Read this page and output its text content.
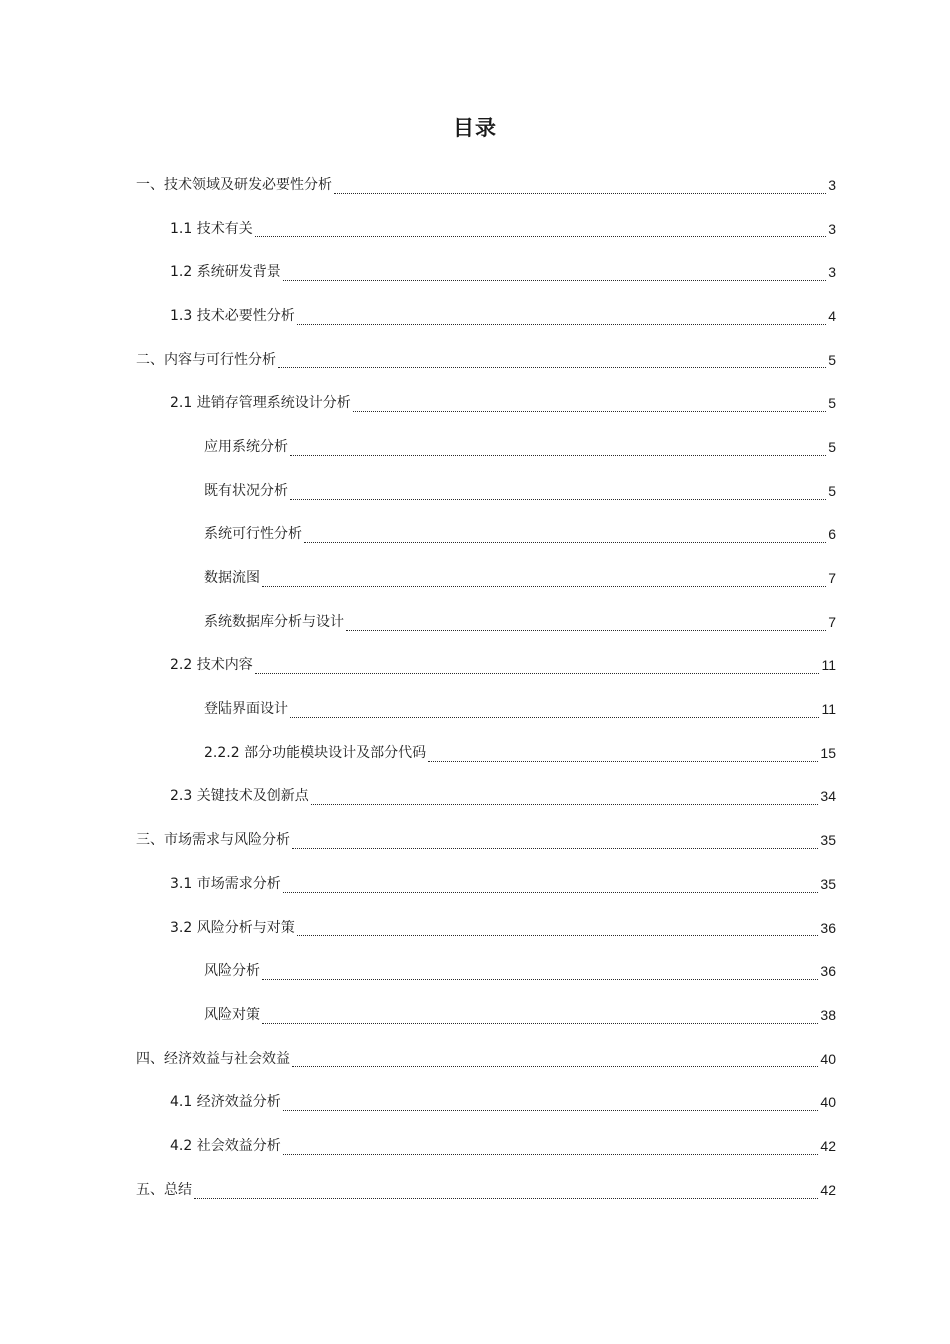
目录
一、技术领域及研发必要性分析	3
1.1 技术有关	3
1.2 系统研发背景	3
1.3 技术必要性分析	4
二、内容与可行性分析	5
2.1 进销存管理系统设计分析	5
应用系统分析	5
既有状况分析	5
系统可行性分析	6
数据流图	7
系统数据库分析与设计	7
2.2 技术内容	11
登陆界面设计	11
2.2.2 部分功能模块设计及部分代码	15
2.3 关键技术及创新点	34
三、市场需求与风险分析	35
3.1 市场需求分析	35
3.2 风险分析与对策	36
风险分析	36
风险对策	38
四、经济效益与社会效益	40
4.1 经济效益分析	40
4.2 社会效益分析	42
五、总结	42
